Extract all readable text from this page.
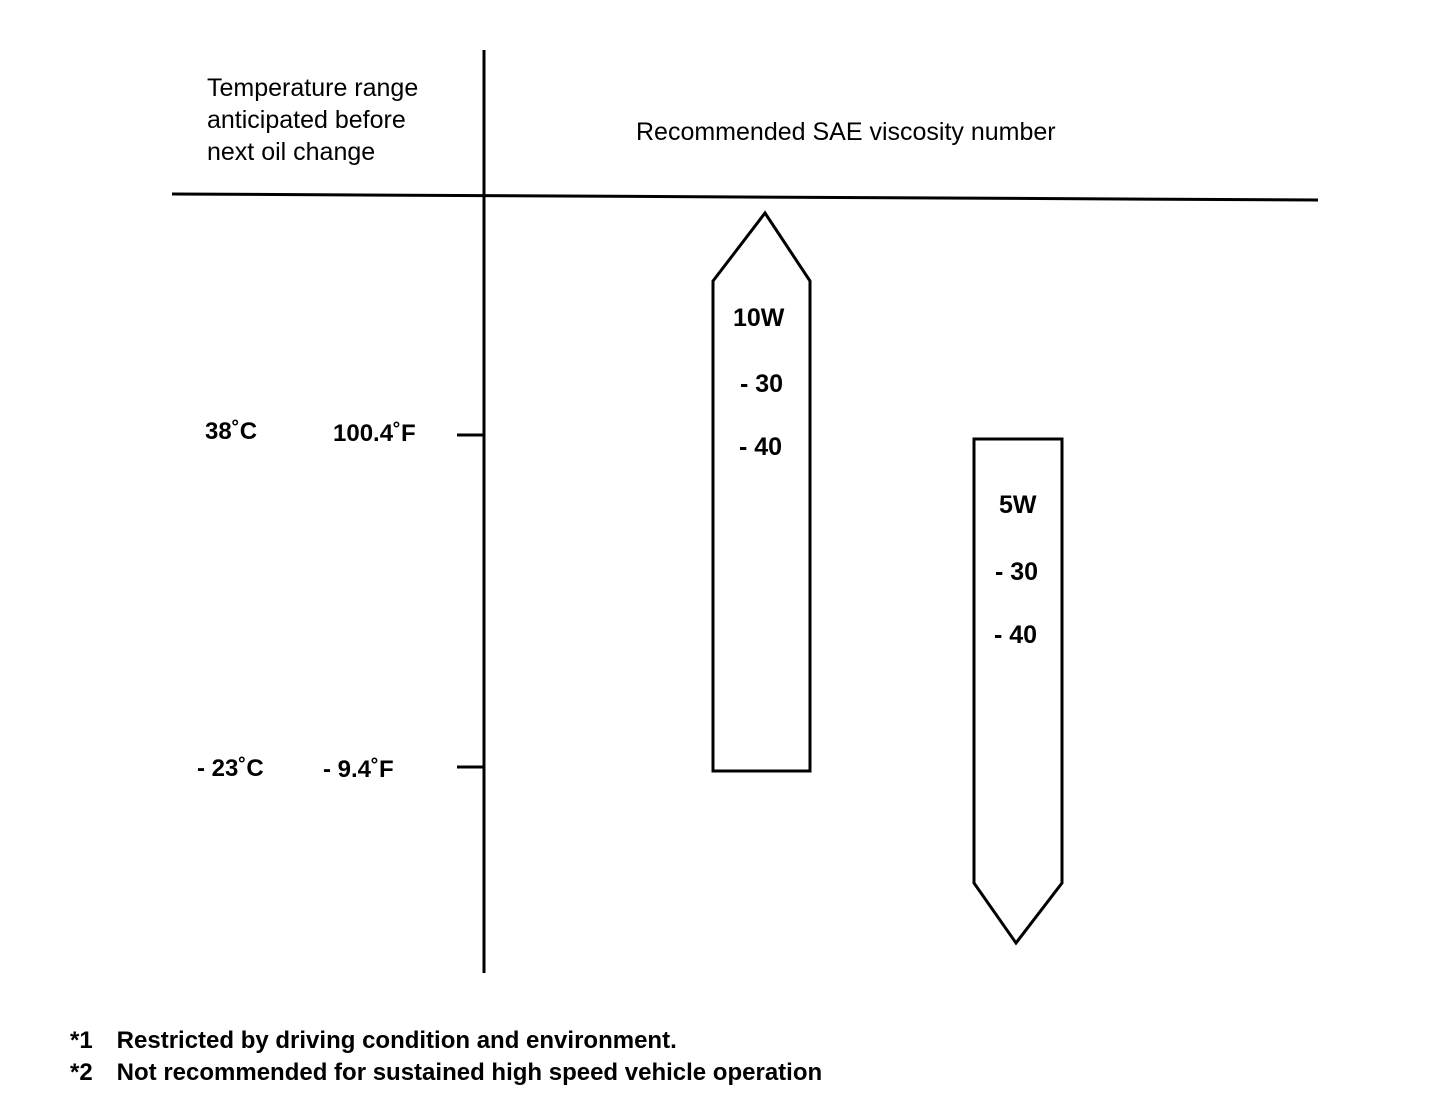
Temperature range
anticipated before
next oil change
Recommended SAE viscosity number
38˚C	100.4˚F
- 23˚C - 9.4˚F
10W
- 30
- 40
5W
- 30
- 40
*1 Restricted by driving condition and environment.
*2 Not recommended for sustained high speed vehicle operation
